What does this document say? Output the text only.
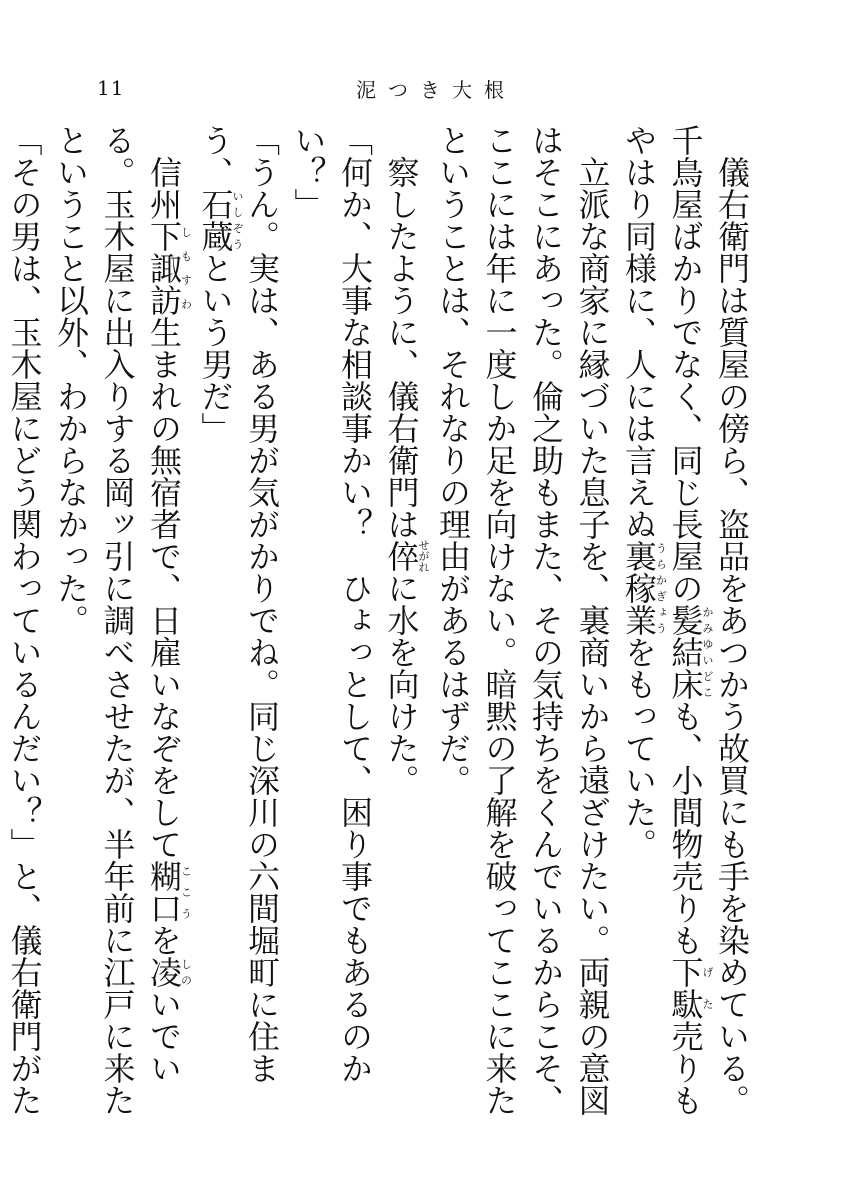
11	泥つき大根

　儀右衛門は質屋の傍ら、盗品をあつかう故買にも手を染めている。千鳥屋ばかりでなく、同じ長屋の髪結床かみゆいどこも、小間物売りも下駄げた売りもやはり同様に、人には言えぬ裏うら稼業かぎょうをもっていた。

　立派な商家に縁づいた息子を、裏商いから遠ざけたい。両親の意図はそこにあった。倫之助もまた、その気持ちをくんでいるからこそ、ここには年に一度しか足を向けない。暗黙の了解を破ってここに来たということは、それなりの理由があるはずだ。

　察したように、儀右衛門は倅せがれに水を向けた。

「何か、大事な相談事かい？　ひょっとして、困り事でもあるのかい？」

「うん。実は、ある男が気がかりでね。同じ深川の六間堀町に住まう、石蔵いしぞうという男だ」

　信州下諏訪しもすわ生まれの無宿者で、日雇いなぞをして糊口ここうを凌しのいでいる。玉木屋に出入りする岡ッ引に調べさせたが、半年前に江戸に来たということ以外、わからなかった。

「その男は、玉木屋にどう関わっているんだい？」と、儀右衛門がた
